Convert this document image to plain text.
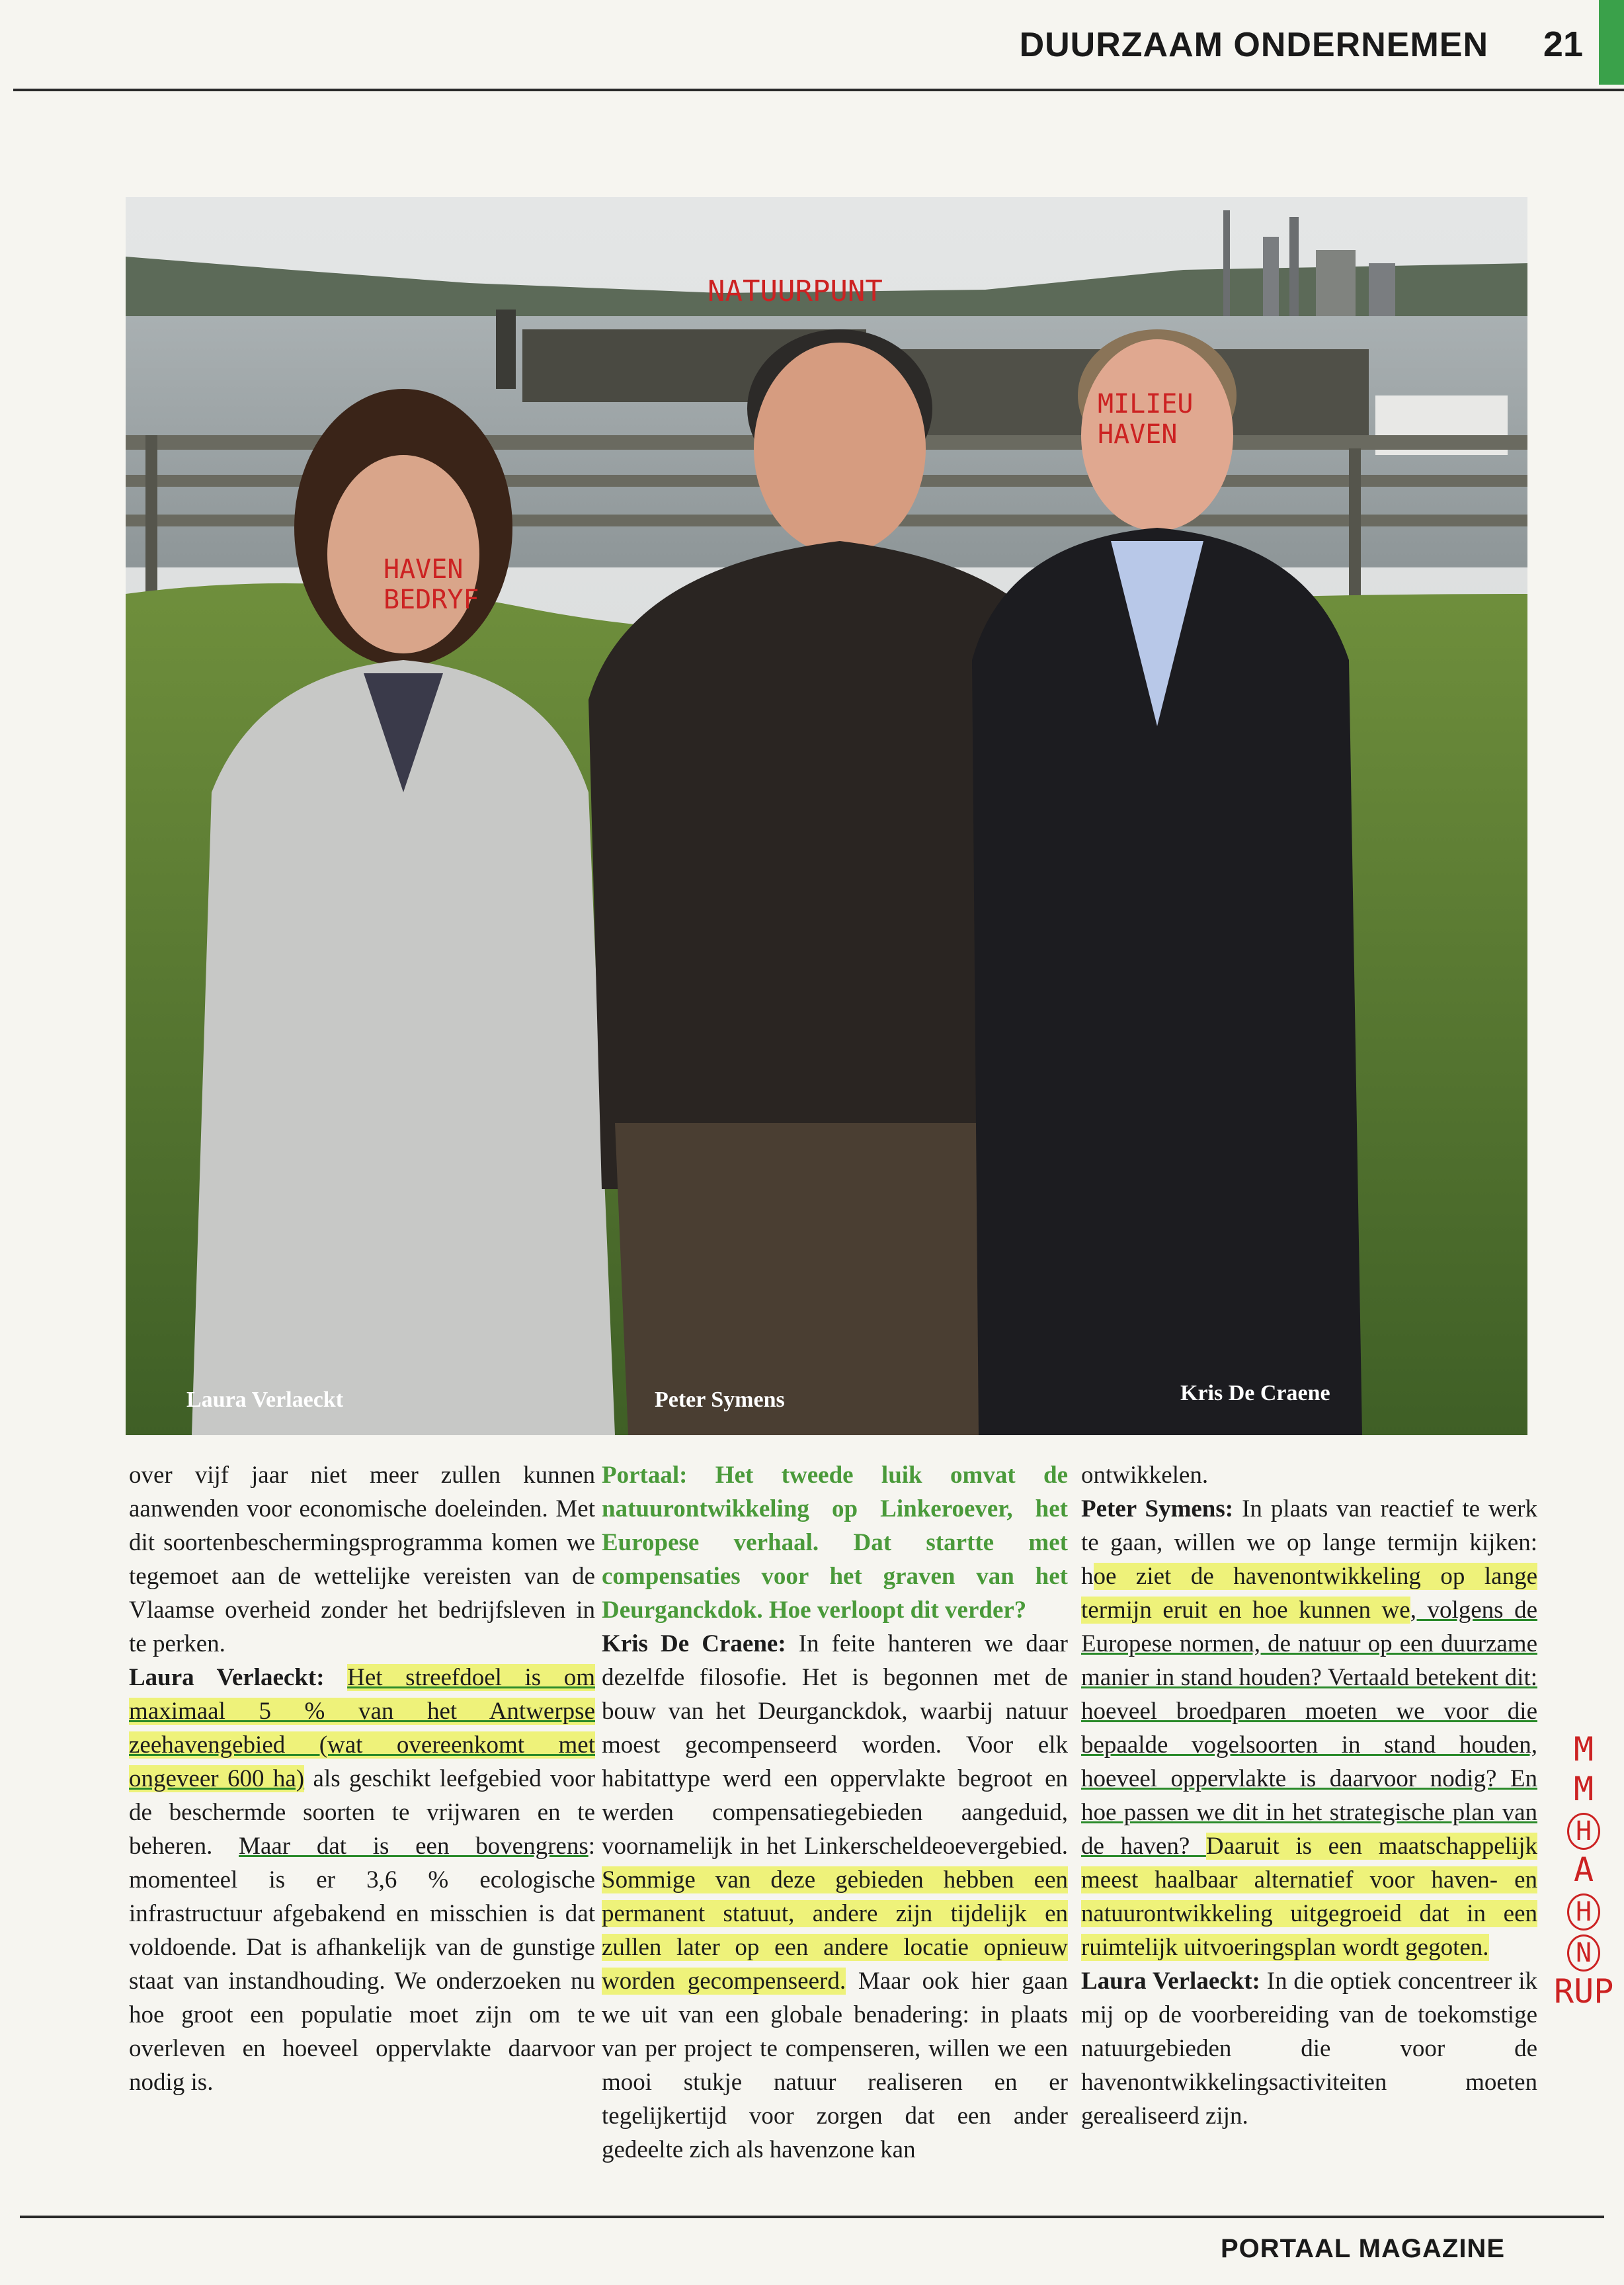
DUURZAAM ONDERNEMEN 21
Laura Verlaeckt	Peter Symens	Kris De Craene
NATUURPUNT
HAVEN BEDRYF
MILIEU HAVEN

over vijf jaar niet meer zullen kunnen aanwenden voor economische doeleinden. Met dit soortenbeschermingsprogramma komen we tegemoet aan de wettelijke vereisten van de Vlaamse overheid zonder het bedrijfsleven in te perken.

Laura Verlaeckt: Het streefdoel is om maximaal 5 % van het Antwerpse zeehavengebied (wat overeenkomt met ongeveer 600 ha) als geschikt leefgebied voor de beschermde soorten te vrijwaren en te beheren. Maar dat is een bovengrens: momenteel is er 3,6 % ecologische infrastructuur afgebakend en misschien is dat voldoende. Dat is afhankelijk van de gunstige staat van instandhouding. We onderzoeken nu hoe groot een populatie moet zijn om te overleven en hoeveel oppervlakte daarvoor nodig is.

Portaal: Het tweede luik omvat de natuurontwikkeling op Linkeroever, het Europese verhaal. Dat startte met compensaties voor het graven van het Deurganckdok. Hoe verloopt dit verder?

Kris De Craene: In feite hanteren we daar dezelfde filosofie. Het is begonnen met de bouw van het Deurganckdok, waarbij natuur moest gecompenseerd worden. Voor elk habitattype werd een oppervlakte begroot en werden compensatiegebieden aangeduid, voornamelijk in het Linkerscheldeoevergebied. Sommige van deze gebieden hebben een permanent statuut, andere zijn tijdelijk en zullen later op een andere locatie opnieuw worden gecompenseerd. Maar ook hier gaan we uit van een globale benadering: in plaats van per project te compenseren, willen we een mooi stukje natuur realiseren en er tegelijkertijd voor zorgen dat een ander gedeelte zich als havenzone kan

ontwikkelen.

Peter Symens: In plaats van reactief te werk te gaan, willen we op lange termijn kijken: hoe ziet de havenontwikkeling op lange termijn eruit en hoe kunnen we, volgens de Europese normen, de natuur op een duurzame manier in stand houden? Vertaald betekent dit: hoeveel broedparen moeten we voor die bepaalde vogelsoorten in stand houden, hoeveel oppervlakte is daarvoor nodig? En hoe passen we dit in het strategische plan van de haven? Daaruit is een maatschappelijk meest haalbaar alternatief voor haven- en natuurontwikkeling uitgegroeid dat in een ruimtelijk uitvoeringsplan wordt gegoten.

Laura Verlaeckt: In die optiek concentreer ik mij op de voorbereiding van de toekomstige natuurgebieden die voor de havenontwikkelingsactiviteiten moeten gerealiseerd zijn.

M
M
H
A
H
N
RUP
PORTAAL MAGAZINE
